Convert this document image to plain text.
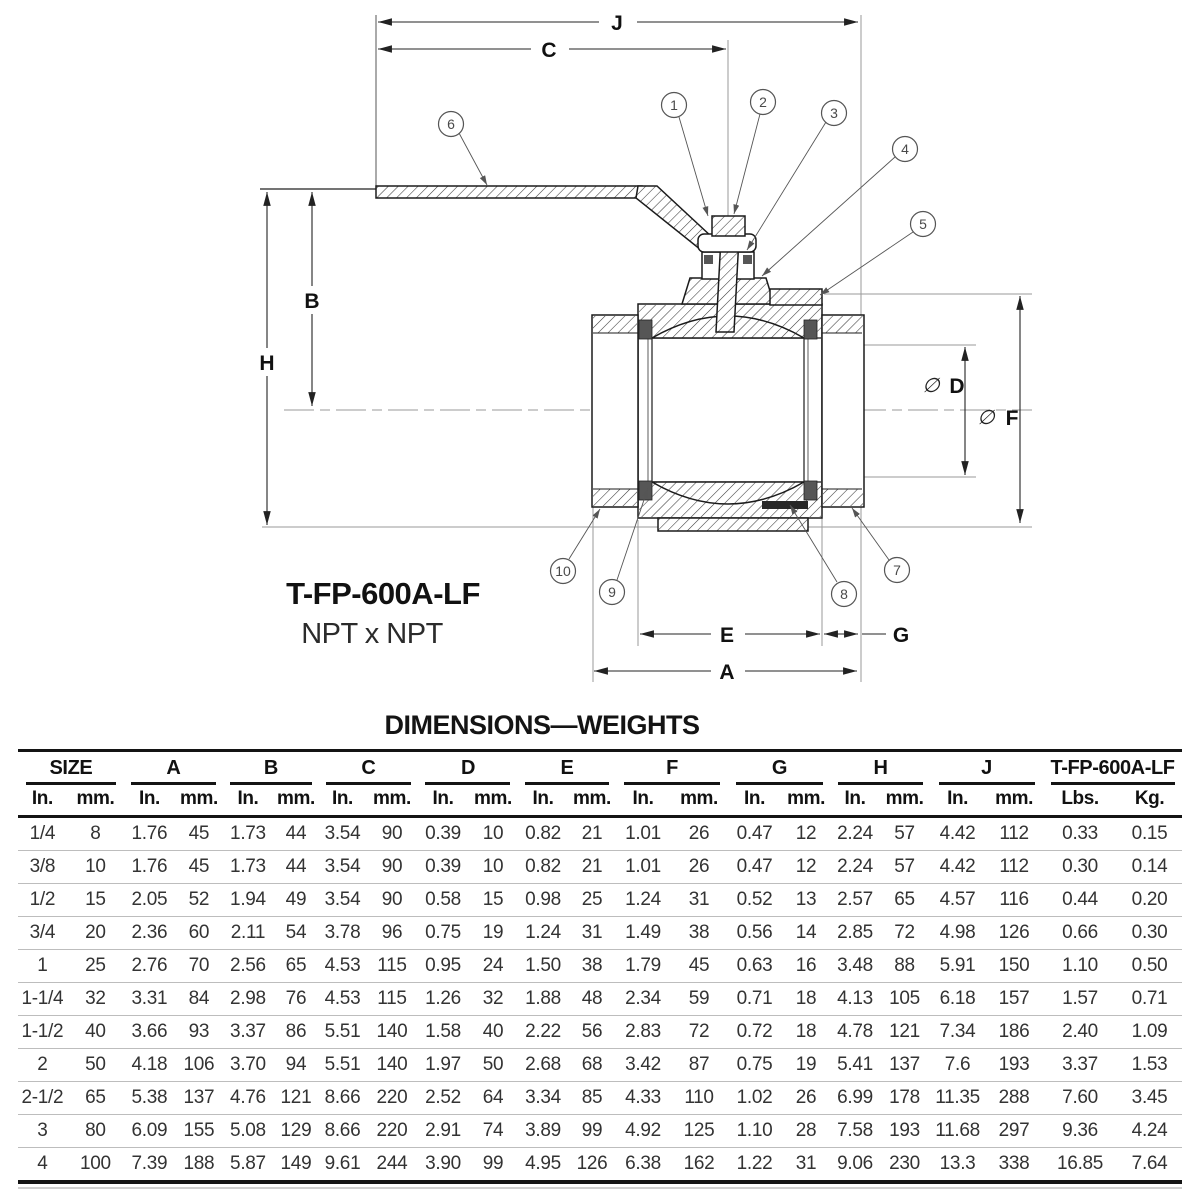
J
C
B
H
∅ D
∅ F
E	G
A
1	2
3
4
5
6
7
8
9
10
T-FP-600A-LF
NPT x NPT
DIMENSIONS—WEIGHTS
SIZE		A		B		C		D		E		F		G		H		J		T-FP-600A-LF	
In.	mm.	In.	mm.	In.	mm.	In.	mm.	In.	mm.	In.	mm.	In.	mm.	In.	mm.	In.	mm.	In.	mm.	Lbs.	Kg.
1/4	8	1.76	45	1.73	44	3.54	90	0.39	10	0.82	21	1.01	26	0.47	12	2.24	57	4.42	112	0.33	0.15
3/8	10	1.76	45	1.73	44	3.54	90	0.39	10	0.82	21	1.01	26	0.47	12	2.24	57	4.42	112	0.30	0.14
1/2	15	2.05	52	1.94	49	3.54	90	0.58	15	0.98	25	1.24	31	0.52	13	2.57	65	4.57	116	0.44	0.20
3/4	20	2.36	60	2.11	54	3.78	96	0.75	19	1.24	31	1.49	38	0.56	14	2.85	72	4.98	126	0.66	0.30
1	25	2.76	70	2.56	65	4.53	115	0.95	24	1.50	38	1.79	45	0.63	16	3.48	88	5.91	150	1.10	0.50
1-1/4	32	3.31	84	2.98	76	4.53	115	1.26	32	1.88	48	2.34	59	0.71	18	4.13	105	6.18	157	1.57	0.71
1-1/2	40	3.66	93	3.37	86	5.51	140	1.58	40	2.22	56	2.83	72	0.72	18	4.78	121	7.34	186	2.40	1.09
2	50	4.18	106	3.70	94	5.51	140	1.97	50	2.68	68	3.42	87	0.75	19	5.41	137	7.6	193	3.37	1.53
2-1/2	65	5.38	137	4.76	121	8.66	220	2.52	64	3.34	85	4.33	110	1.02	26	6.99	178	11.35	288	7.60	3.45
3	80	6.09	155	5.08	129	8.66	220	2.91	74	3.89	99	4.92	125	1.10	28	7.58	193	11.68	297	9.36	4.24
4	100	7.39	188	5.87	149	9.61	244	3.90	99	4.95	126	6.38	162	1.22	31	9.06	230	13.3	338	16.85	7.64
